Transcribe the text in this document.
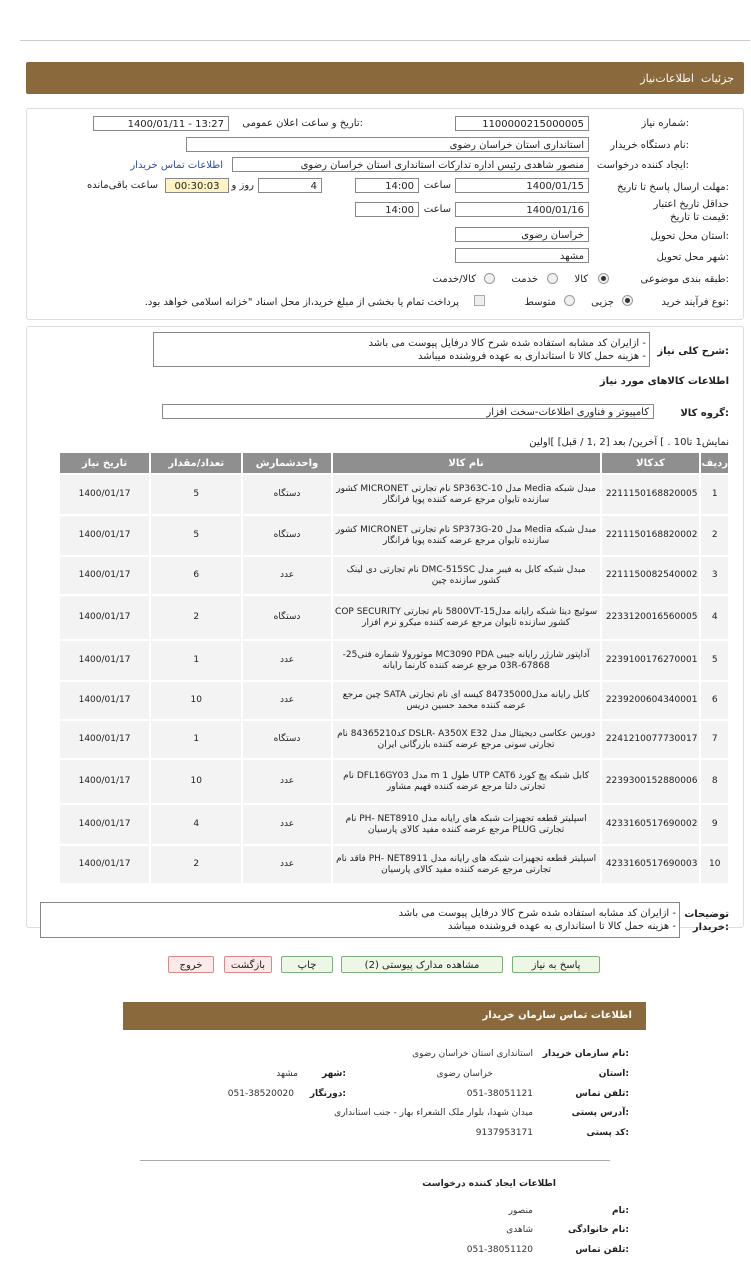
جزئیات
اطلاعات‌نیاز
شماره نیاز:
1100000215000005
تاریخ و ساعت اعلان عمومی:
1400/01/11 - 13:27
نام دستگاه خریدار:
استانداری استان خراسان رضوی
ایجاد کننده درخواست:
منصور شاهدی رئیس اداره تدارکات استانداری استان خراسان رضوی
اطلاعات تماس خریدار
مهلت ارسال پاسخ تا تاریخ:
1400/01/15
ساعت
14:00
4
روز و
00:30:03
ساعت باقی‌مانده
حداقل تاریخ اعتبار قیمت تا تاریخ:
1400/01/16
ساعت
14:00
استان محل تحویل:
خراسان رضوی
شهر محل تحویل:
مشهد
طبقه بندی موضوعی:
کالا
خدمت
کالا/خدمت
نوع فرآیند خرید:
جزیی
متوسط
پرداخت تمام یا بخشی از مبلغ خرید،از محل اسناد "خزانه اسلامی خواهد بود.
شرح کلی نیاز:
- ازایران کد مشابه استفاده شده شرح کالا درفایل پیوست می باشد
- هزینه حمل کالا تا استانداری به عهده فروشنده میباشد
اطلاعات کالاهای مورد نیاز
گروه کالا:
کامپیوتر و فناوری اطلاعات-سخت افزار
نمایش1 تا10 . ] آخرین/ بعد [2 ,1 / قبل] ]اولین
ردیف	کدکالا	نام کالا	واحدشمارش	تعداد/مقدار	تاریخ نیاز
1	2211150168820005	مبدل شبکه Media مدل SP363C-10 نام تجارتی MICRONET کشور سازنده تایوان مرجع عرضه کننده پویا فرانگار	دستگاه	5	1400/01/17
2	2211150168820002	مبدل شبکه Media مدل SP373G-20 نام تجارتی MICRONET کشور سازنده تایوان مرجع عرضه کننده پویا فرانگار	دستگاه	5	1400/01/17
3	2211150082540002	مبدل شبکه کابل به فیبر مدل DMC-515SC نام تجارتی دی لینک کشور سازنده چین	عدد	6	1400/01/17
4	2233120016560005	سوئیچ دیتا شبکه رایانه مدل15-5800VT نام تجارتی COP SECURITY کشور سازنده تایوان مرجع عرضه کننده میکرو نرم افزار	دستگاه	2	1400/01/17
5	2239100176270001	آداپتور شارژر رایانه جیبی MC3090 PDA موتورولا شماره فنی25-67868-03R مرجع عرضه کننده کارنما رایانه	عدد	1	1400/01/17
6	2239200604340001	کابل رایانه مدل84735000 کیسه ای نام تجارتی SATA چین مرجع عرضه کننده محمد حسین دریس	عدد	10	1400/01/17
7	2241210077730017	دوربین عکاسی دیجیتال مدل DSLR- A350X E32 کد84365210 نام تجارتی سونی مرجع عرضه کننده بازرگانی ایران	دستگاه	1	1400/01/17
8	2239300152880006	کابل شبکه پچ کورد UTP CAT6 طول 1 m مدل DFL16GY03 نام تجارتی دلتا مرجع عرضه کننده فهیم مشاور	عدد	10	1400/01/17
9	4233160517690002	اسپلیتر قطعه تجهیزات شبکه های رایانه مدل PH- NET8910 نام تجارتی PLUG مرجع عرضه کننده مفید کالای پارسیان	عدد	4	1400/01/17
10	4233160517690003	اسپلیتر قطعه تجهیزات شبکه های رایانه مدل PH- NET8911 فاقد نام تجارتی مرجع عرضه کننده مفید کالای پارسیان	عدد	2	1400/01/17
توضیحات خریدار:
- ازایران کد مشابه استفاده شده شرح کالا درفایل پیوست می باشد
- هزینه حمل کالا تا استانداری به عهده فروشنده میباشد
پاسخ به نیاز
مشاهده مدارک پیوستی (2)
چاپ
بازگشت
خروج
اطلاعات تماس سازمان خریدار
نام سازمان خریدار:
استانداری استان خراسان رضوی
استان:
خراسان رضوی
شهر:
مشهد
تلفن تماس:
051-38051121
دورنگار:
051-38520020
آدرس پستی:
میدان شهدا، بلوار ملک الشعراء بهار - جنب استانداری
کد پستی:
9137953171
اطلاعات ایجاد کننده درخواست
نام:
منصور
نام خانوادگی:
شاهدی
تلفن تماس:
051-38051120
